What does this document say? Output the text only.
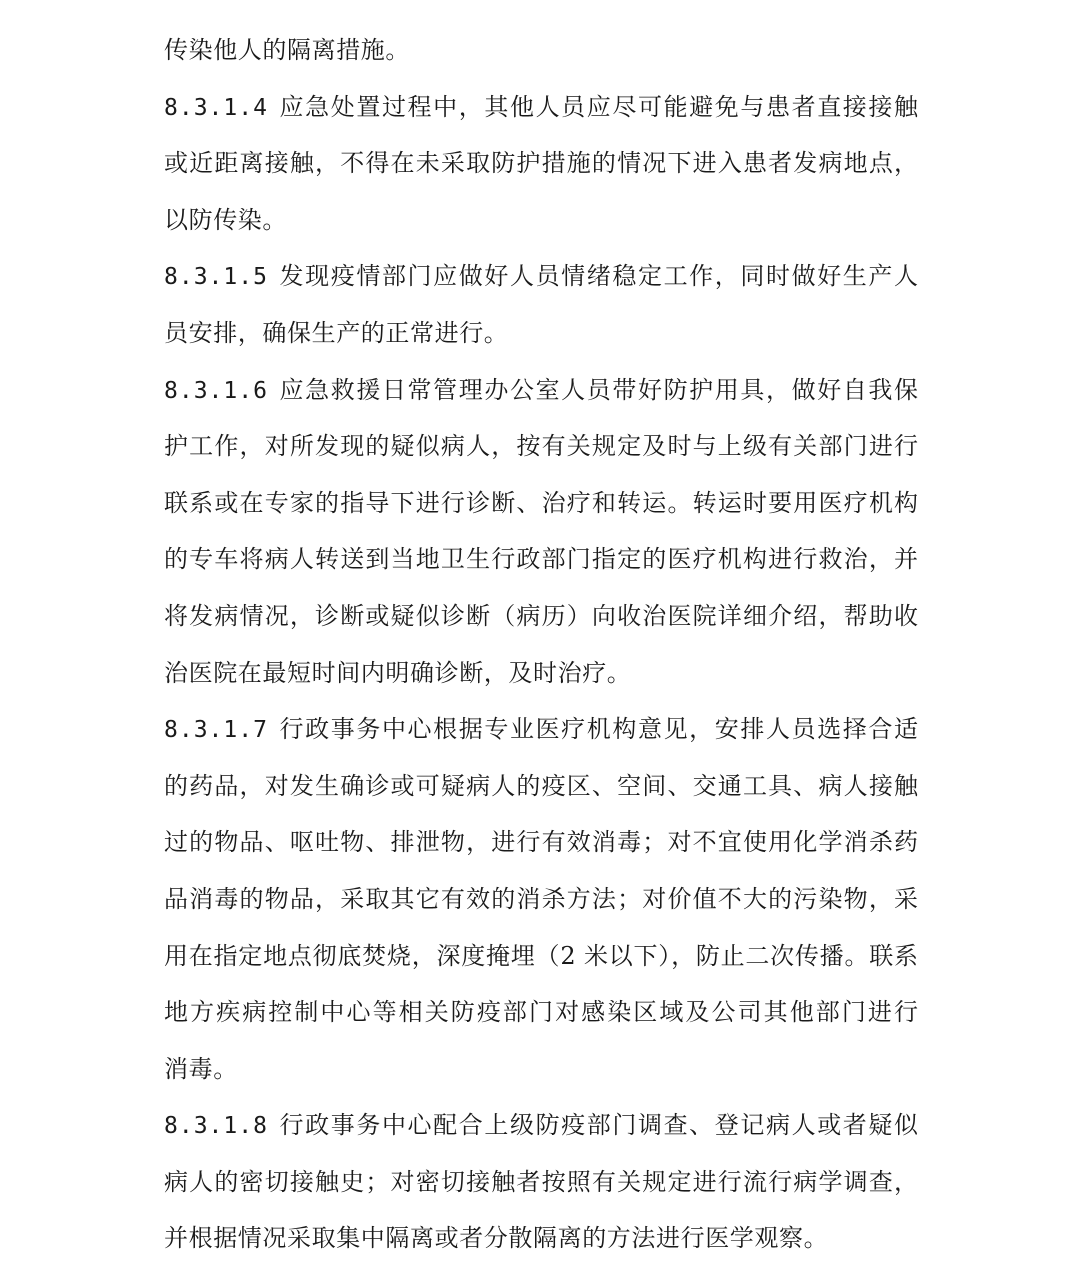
传染他人的隔离措施。
8.3.1.4 应急处置过程中，其他人员应尽可能避免与患者直接接触
或近距离接触，不得在未采取防护措施的情况下进入患者发病地点，
以防传染。
8.3.1.5 发现疫情部门应做好人员情绪稳定工作，同时做好生产人
员安排，确保生产的正常进行。
8.3.1.6 应急救援日常管理办公室人员带好防护用具，做好自我保
护工作，对所发现的疑似病人，按有关规定及时与上级有关部门进行
联系或在专家的指导下进行诊断、治疗和转运。转运时要用医疗机构
的专车将病人转送到当地卫生行政部门指定的医疗机构进行救治，并
将发病情况，诊断或疑似诊断（病历）向收治医院详细介绍，帮助收
治医院在最短时间内明确诊断，及时治疗。
8.3.1.7 行政事务中心根据专业医疗机构意见，安排人员选择合适
的药品，对发生确诊或可疑病人的疫区、空间、交通工具、病人接触
过的物品、呕吐物、排泄物，进行有效消毒；对不宜使用化学消杀药
品消毒的物品，采取其它有效的消杀方法；对价值不大的污染物，采
用在指定地点彻底焚烧，深度掩埋（2 米以下），防止二次传播。联系
地方疾病控制中心等相关防疫部门对感染区域及公司其他部门进行
消毒。
8.3.1.8 行政事务中心配合上级防疫部门调查、登记病人或者疑似
病人的密切接触史；对密切接触者按照有关规定进行流行病学调查，
并根据情况采取集中隔离或者分散隔离的方法进行医学观察。
